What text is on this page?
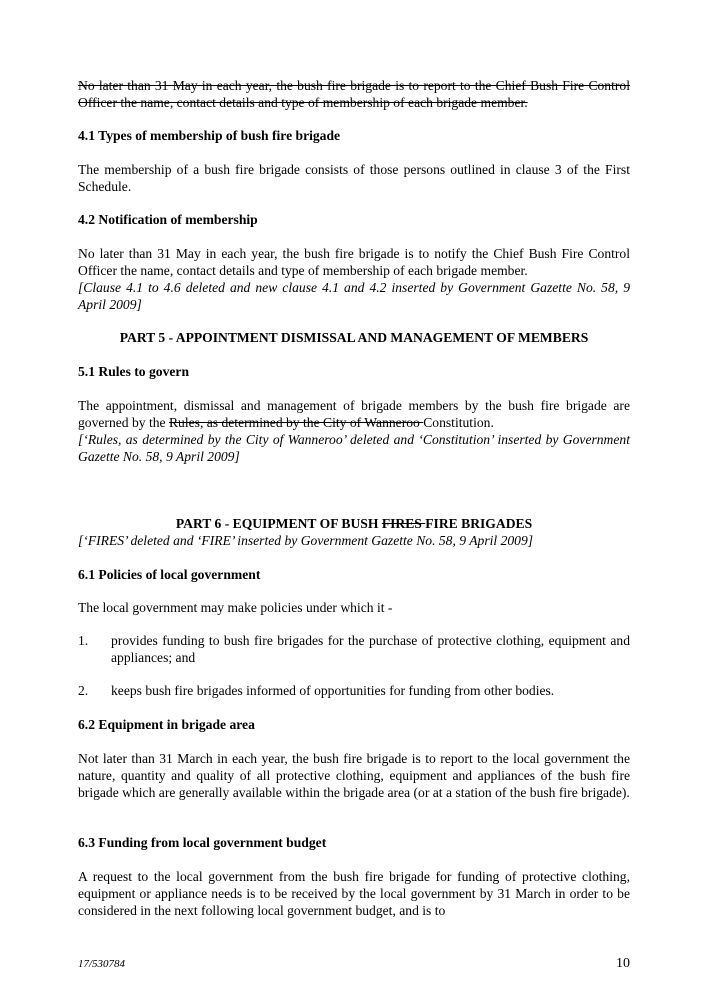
No later than 31 May in each year, the bush fire brigade is to report to the Chief Bush Fire Control Officer the name, contact details and type of membership of each brigade member.

4.1 Types of membership of bush fire brigade

The membership of a bush fire brigade consists of those persons outlined in clause 3 of the First Schedule.

4.2 Notification of membership

No later than 31 May in each year, the bush fire brigade is to notify the Chief Bush Fire Control Officer the name, contact details and type of membership of each brigade member.

[Clause 4.1 to 4.6 deleted and new clause 4.1 and 4.2 inserted by Government Gazette No. 58, 9 April 2009]

PART 5 - APPOINTMENT DISMISSAL AND MANAGEMENT OF MEMBERS

5.1 Rules to govern

The appointment, dismissal and management of brigade members by the bush fire brigade are governed by the Rules, as determined by the City of Wanneroo Constitution.

[‘Rules, as determined by the City of Wanneroo’ deleted and ‘Constitution’ inserted by Government Gazette No. 58, 9 April 2009]

PART 6 - EQUIPMENT OF BUSH FIRES FIRE BRIGADES

[‘FIRES’ deleted and ‘FIRE’ inserted by Government Gazette No. 58, 9 April 2009]

6.1 Policies of local government

The local government may make policies under which it -

1. provides funding to bush fire brigades for the purchase of protective clothing, equipment and appliances; and
2. keeps bush fire brigades informed of opportunities for funding from other bodies.

6.2 Equipment in brigade area

Not later than 31 March in each year, the bush fire brigade is to report to the local government the nature, quantity and quality of all protective clothing, equipment and appliances of the bush fire brigade which are generally available within the brigade area (or at a station of the bush fire brigade).

6.3 Funding from local government budget

A request to the local government from the bush fire brigade for funding of protective clothing, equipment or appliance needs is to be received by the local government by 31 March in order to be considered in the next following local government budget, and is to

17/530784	10
